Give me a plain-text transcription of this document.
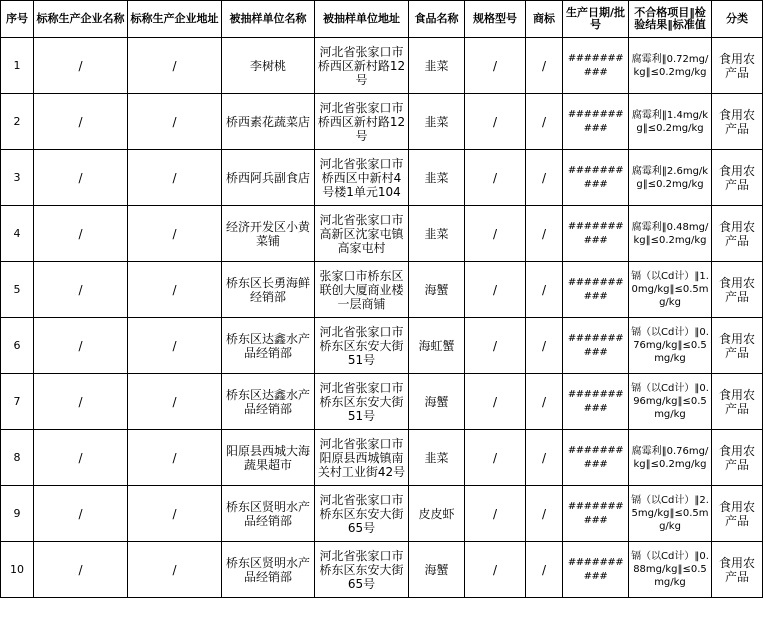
序号	标称生产企业名称	标称生产企业地址	被抽样单位名称	被抽样单位地址	食品名称	规格型号	商标	生产日期/批号	不合格项目‖检验结果‖标准值	分类
1	/	/	李树桃	河北省张家口市桥西区新村路12号	韭菜	/	/	##########	腐霉利‖0.72mg/kg‖≤0.2mg/kg	食用农产品
2	/	/	桥西素花蔬菜店	河北省张家口市桥西区新村路12号	韭菜	/	/	##########	腐霉利‖1.4mg/kg‖≤0.2mg/kg	食用农产品
3	/	/	桥西阿兵副食店	河北省张家口市桥西区中新村4号楼1单元104	韭菜	/	/	##########	腐霉利‖2.6mg/kg‖≤0.2mg/kg	食用农产品
4	/	/	经济开发区小黄菜铺	河北省张家口市高新区沈家屯镇高家屯村	韭菜	/	/	##########	腐霉利‖0.48mg/kg‖≤0.2mg/kg	食用农产品
5	/	/	桥东区长勇海鲜经销部	张家口市桥东区联创大厦商业楼一层商铺	海蟹	/	/	##########	镉（以Cd计）‖1.0mg/kg‖≤0.5mg/kg	食用农产品
6	/	/	桥东区达鑫水产品经销部	河北省张家口市桥东区东安大街51号	海虹蟹	/	/	##########	镉（以Cd计）‖0.76mg/kg‖≤0.5mg/kg	食用农产品
7	/	/	桥东区达鑫水产品经销部	河北省张家口市桥东区东安大街51号	海蟹	/	/	##########	镉（以Cd计）‖0.96mg/kg‖≤0.5mg/kg	食用农产品
8	/	/	阳原县西城大海蔬果超市	河北省张家口市阳原县西城镇南关村工业街42号	韭菜	/	/	##########	腐霉利‖0.76mg/kg‖≤0.2mg/kg	食用农产品
9	/	/	桥东区贤明水产品经销部	河北省张家口市桥东区东安大街65号	皮皮虾	/	/	##########	镉（以Cd计）‖2.5mg/kg‖≤0.5mg/kg	食用农产品
10	/	/	桥东区贤明水产品经销部	河北省张家口市桥东区东安大街65号	海蟹	/	/	##########	镉（以Cd计）‖0.88mg/kg‖≤0.5mg/kg	食用农产品
